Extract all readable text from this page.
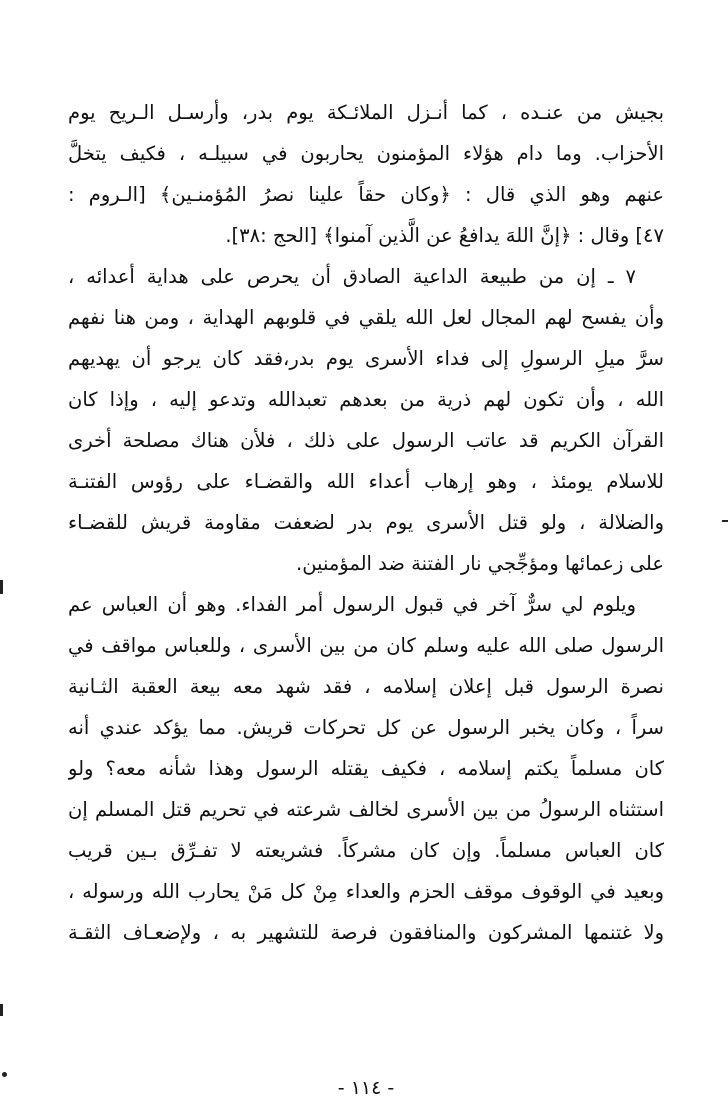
بجيش من عنـده ، كما أنـزل الملائـكة يوم بدر، وأرسـل الـريح يوم
الأحزاب. وما دام هؤلاء المؤمنون يحاربون في سبيلـه ، فكيف يتخلَّ
عنهم وهو الذي قال : ﴿وكان حقاً علينا نصرُ المُؤمنـين﴾ [الـروم :
٤٧] وقال : ﴿إنَّ اللهَ يدافعُ عن الَّذين آمنوا﴾ [الحج :٣٨].
٧ ـ إن من طبيعة الداعية الصادق أن يحرص على هداية أعدائه ،
وأن يفسح لهم المجال لعل الله يلقي في قلوبهم الهداية ، ومن هنا نفهم
سرَّ ميلِ الرسولِ إلى فداء الأسرى يوم بدر،فقد كان يرجو أن يهديهم
الله ، وأن تكون لهم ذرية من بعدهم تعبدالله وتدعو إليه ، وإذا كان
القرآن الكريم قد عاتب الرسول على ذلك ، فلأن هناك مصلحة أخرى
للاسلام يومئذ ، وهو إرهاب أعداء الله والقضـاء على رؤوس الفتنـة
والضلالة ، ولو قتل الأسرى يوم بدر لضعفت مقاومة قريش للقضـاء
على زعمائها ومؤجِّجي نار الفتنة ضد المؤمنين.
ويلوم لي سرٌّ آخر في قبول الرسول أمر الفداء. وهو أن العباس عم
الرسول صلى الله عليه وسلم كان من بين الأسرى ، وللعباس مواقف في
نصرة الرسول قبل إعلان إسلامه ، فقد شهد معه بيعة العقبة الثـانية
سراً ، وكان يخبر الرسول عن كل تحركات قريش. مما يؤكد عندي أنه
كان مسلماً يكتم إسلامه ، فكيف يقتله الرسول وهذا شأنه معه؟ ولو
استثناه الرسولُ من بين الأسرى لخالف شرعته في تحريم قتل المسلم إن
كان العباس مسلماً. وإن كان مشركاً. فشريعته لا تفـرِّق بـين قريب
وبعيد في الوقوف موقف الحزم والعداء مِنْ كل مَنْ يحارب الله ورسوله ،
ولا غتنمها المشركون والمنافقون فرصة للتشهير به ، ولإضعـاف الثقـة
- ١١٤ -
